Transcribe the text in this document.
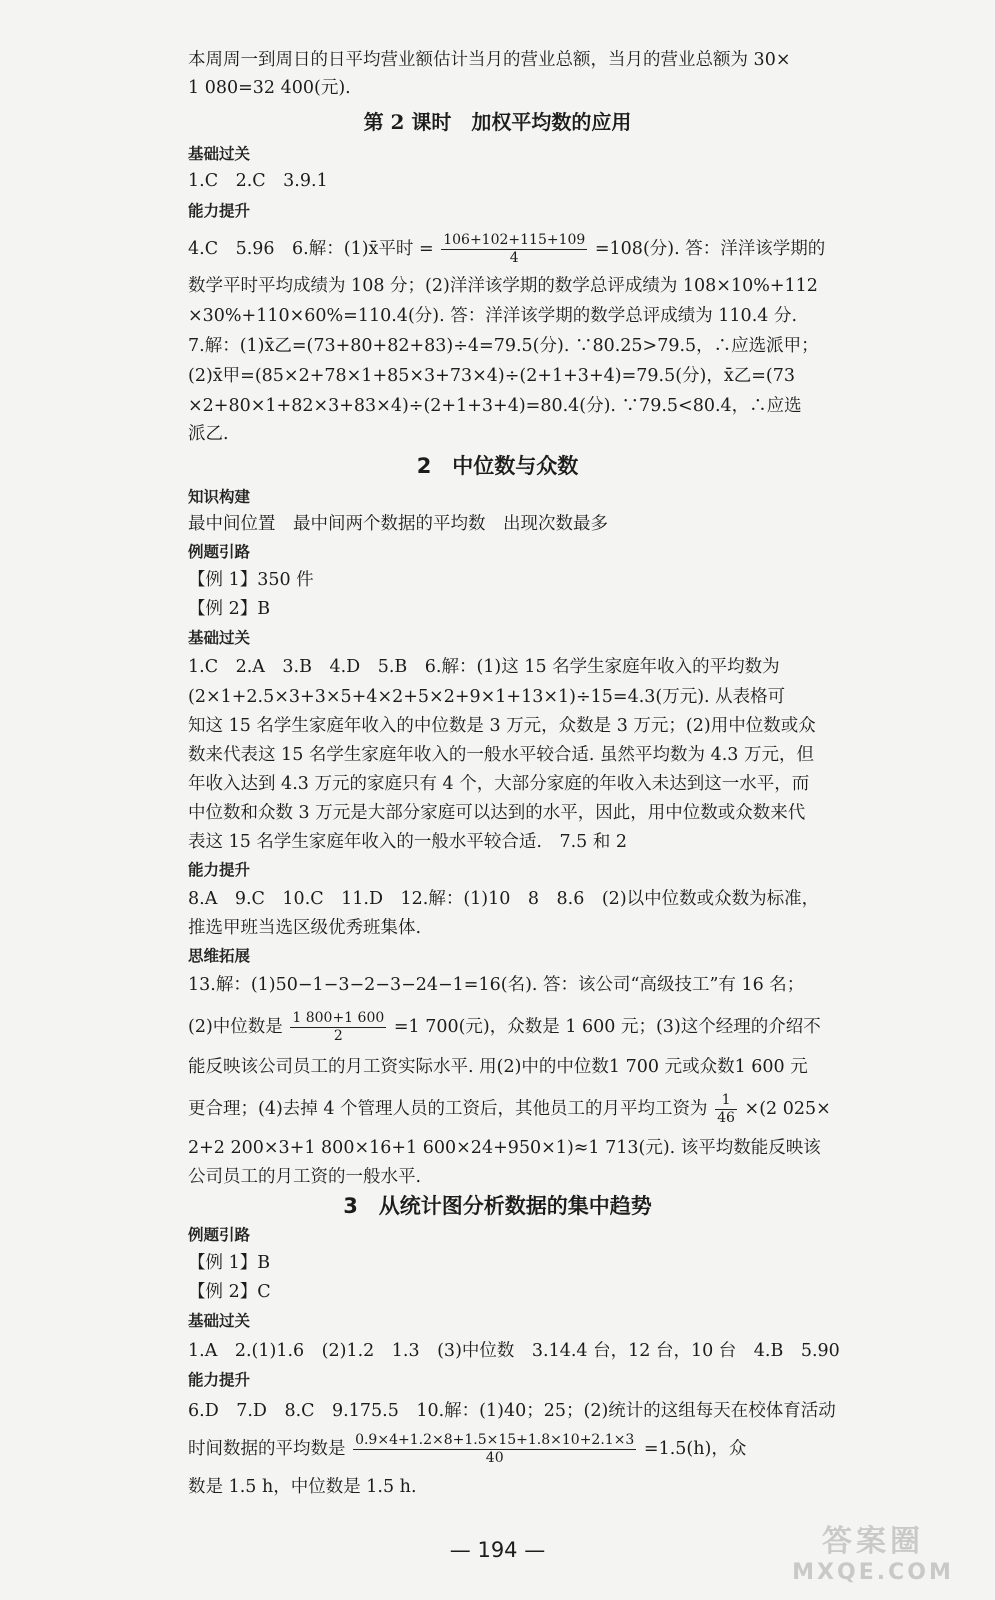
本周周一到周日的日平均营业额估计当月的营业总额，当月的营业总额为 30×
1 080=32 400(元).
第 2 课时　加权平均数的应用
基础过关
1.C　2.C　3.9.1
能力提升
4.C　5.96　6.解：(1)x̄平时 = $\frac{106+102+115+109}{4} =108$(分). 答：洋洋该学期的
数学平时平均成绩为 108 分；(2)洋洋该学期的数学总评成绩为 108×10%+112
×30%+110×60%=110.4(分). 答：洋洋该学期的数学总评成绩为 110.4 分.
7.解：(1)x̄乙=(73+80+82+83)÷4=79.5(分). ∵80.25>79.5，∴应选派甲；
(2)x̄甲=(85×2+78×1+85×3+73×4)÷(2+1+3+4)=79.5(分)，x̄乙=(73
×2+80×1+82×3+83×4)÷(2+1+3+4)=80.4(分). ∵79.5<80.4，∴应选
派乙.
2　中位数与众数
知识构建
最中间位置　最中间两个数据的平均数　出现次数最多
例题引路
【例 1】350 件
【例 2】B
基础过关
1.C　2.A　3.B　4.D　5.B　6.解：(1)这 15 名学生家庭年收入的平均数为
(2×1+2.5×3+3×5+4×2+5×2+9×1+13×1)÷15=4.3(万元). 从表格可
知这 15 名学生家庭年收入的中位数是 3 万元，众数是 3 万元；(2)用中位数或众
数来代表这 15 名学生家庭年收入的一般水平较合适. 虽然平均数为 4.3 万元，但
年收入达到 4.3 万元的家庭只有 4 个，大部分家庭的年收入未达到这一水平，而
中位数和众数 3 万元是大部分家庭可以达到的水平，因此，用中位数或众数来代
表这 15 名学生家庭年收入的一般水平较合适.　7.5 和 2
能力提升
8.A　9.C　10.C　11.D　12.解：(1)10　8　8.6　(2)以中位数或众数为标准，
推选甲班当选区级优秀班集体.
思维拓展
13.解：(1)50−1−3−2−3−24−1=16(名). 答：该公司“高级技工”有 16 名；
(2)中位数是 $\frac{1 800+1 600}{2} =1$ 700(元)，众数是 1 600 元；(3)这个经理的介绍不
能反映该公司员工的月工资实际水平. 用(2)中的中位数1 700 元或众数1 600 元
更合理；(4)去掉 4 个管理人员的工资后，其他员工的月平均工资为 $\frac{1}{46} \times(2$ 025×
2+2 200×3+1 800×16+1 600×24+950×1)≈1 713(元). 该平均数能反映该
公司员工的月工资的一般水平.
3　从统计图分析数据的集中趋势
例题引路
【例 1】B
【例 2】C
基础过关
1.A　2.(1)1.6　(2)1.2　1.3　(3)中位数　3.14.4 台，12 台，10 台　4.B　5.90
能力提升
6.D　7.D　8.C　9.175.5　10.解：(1)40；25；(2)统计的这组每天在校体育活动
时间数据的平均数是 $\frac{0.9\times 4+1.2\times 8+1.5\times 15+1.8\times 10+2.1\times 3}{40} =1.5(h)$，众
数是 1.5 h，中位数是 1.5 h.
— 194 —	答案圈
MXQE.COM
